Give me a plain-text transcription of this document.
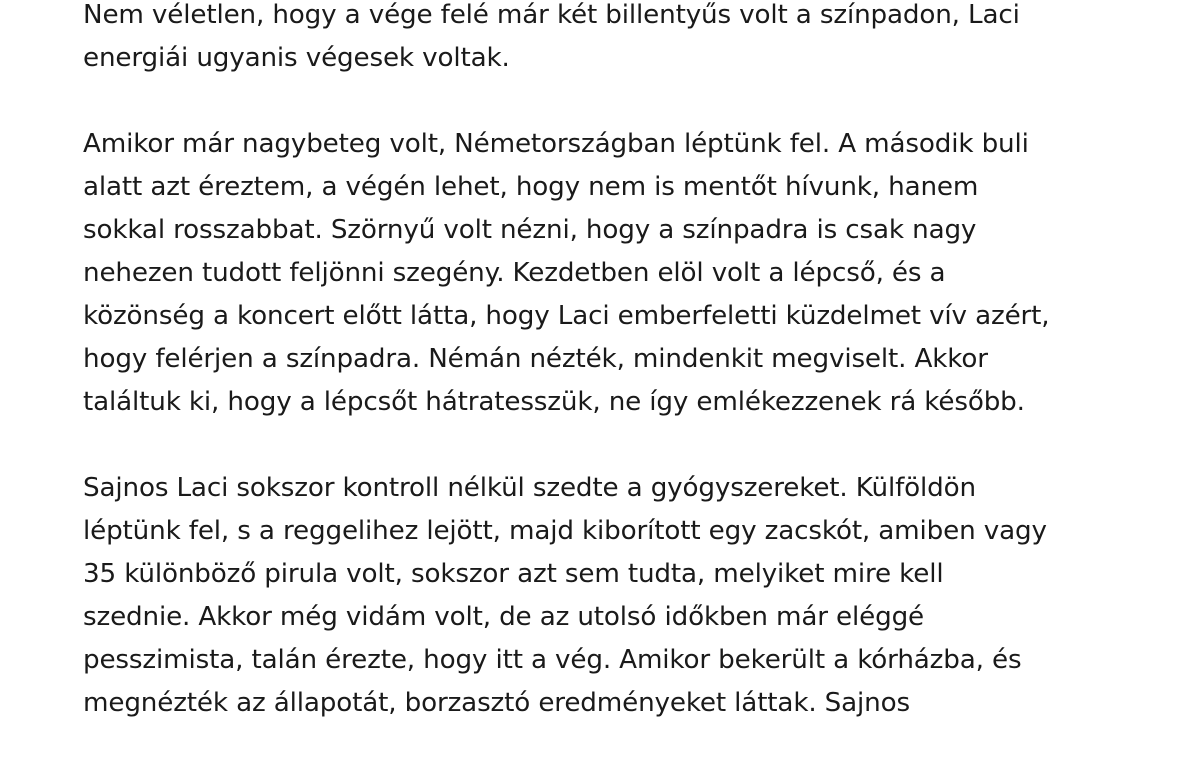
Nem véletlen, hogy a vége felé már két billentyűs volt a színpadon, Laci
energiái ugyanis végesek voltak.

Amikor már nagybeteg volt, Németországban léptünk fel. A második buli
alatt azt éreztem, a végén lehet, hogy nem is mentőt hívunk, hanem
sokkal rosszabbat. Szörnyű volt nézni, hogy a színpadra is csak nagy
nehezen tudott feljönni szegény. Kezdetben elöl volt a lépcső, és a
közönség a koncert előtt látta, hogy Laci emberfeletti küzdelmet vív azért,
hogy felérjen a színpadra. Némán nézték, mindenkit megviselt. Akkor
találtuk ki, hogy a lépcsőt hátratesszük, ne így emlékezzenek rá később.

Sajnos Laci sokszor kontroll nélkül szedte a gyógyszereket. Külföldön
léptünk fel, s a reggelihez lejött, majd kiborított egy zacskót, amiben vagy
35 különböző pirula volt, sokszor azt sem tudta, melyiket mire kell
szednie. Akkor még vidám volt, de az utolsó időkben már eléggé
pesszimista, talán érezte, hogy itt a vég. Amikor bekerült a kórházba, és
megnézték az állapotát, borzasztó eredményeket láttak. Sajnos
